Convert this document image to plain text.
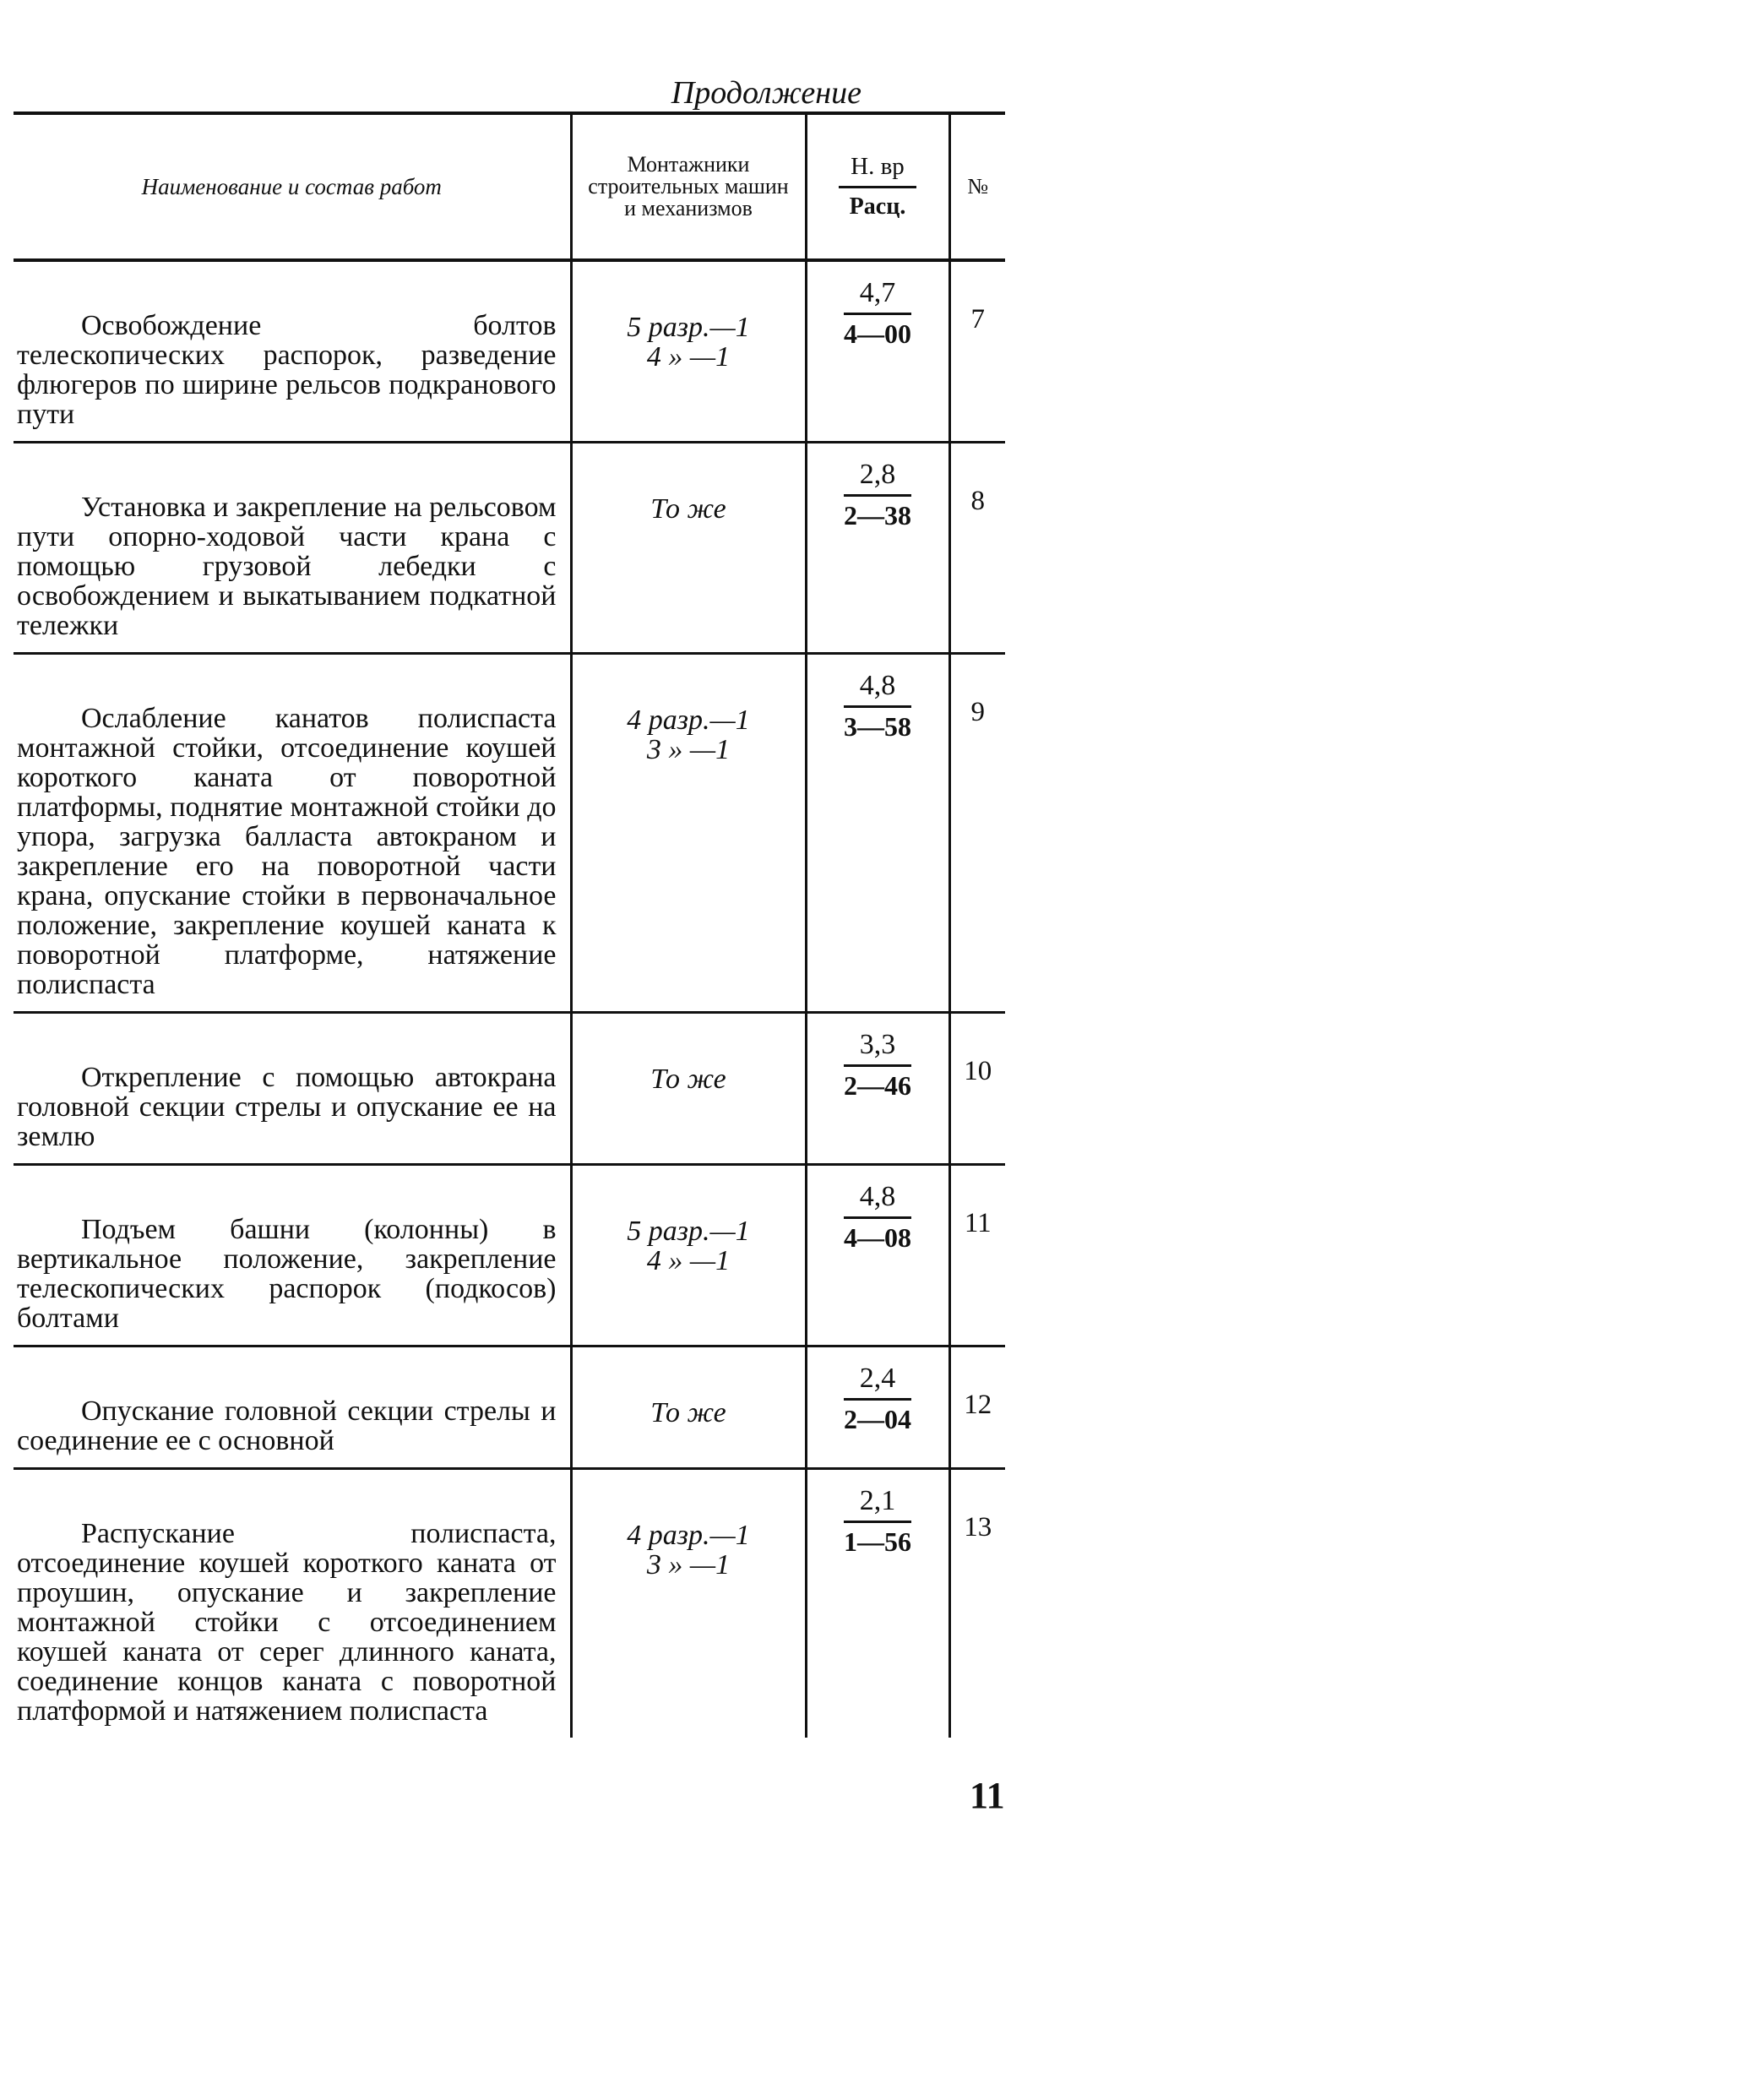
Продолжение
Наименование и состав работ	Монтажники строительных машин и механизмов	$\frac{Н. вр}{\text{Расц.}}$	№

Освобождение болтов телескопических распорок, разведение флюгеров по ширине рельсов подкранового пути	5 разр.—1
4 » —1	$\frac{4,7}{4—00}$	7

Установка и закрепление на рельсовом пути опорно-ходовой части крана с помощью грузовой лебедки с освобождением и выкатыванием подкатной тележки	То же	$\frac{2,8}{2—38}$	8

Ослабление канатов полиспаста монтажной стойки, отсоединение коушей короткого каната от поворотной платформы, поднятие монтажной стойки до упора, загрузка балласта автокраном и закрепление его на поворотной части крана, опускание стойки в первоначальное положение, закрепление коушей каната к поворотной платформе, натяжение полиспаста	4 разр.—1
3 » —1	$\frac{4,8}{3—58}$	9

Открепление с помощью автокрана головной секции стрелы и опускание ее на землю	То же	$\frac{3,3}{2—46}$	10

Подъем башни (колонны) в вертикальное положение, закрепление телескопических распорок (подкосов) болтами	5 разр.—1
4 » —1	$\frac{4,8}{4—08}$	11

Опускание головной секции стрелы и соединение ее с основной	То же	$\frac{2,4}{2—04}$	12

Распускание полиспаста, отсоединение коушей короткого каната от проушин, опускание и закрепление монтажной стойки с отсоединением коушей каната от серег длинного каната, соединение концов каната с поворотной платформой и натяжением полиспаста	4 разр.—1
3 » —1	$\frac{2,1}{1—56}$	13
11
